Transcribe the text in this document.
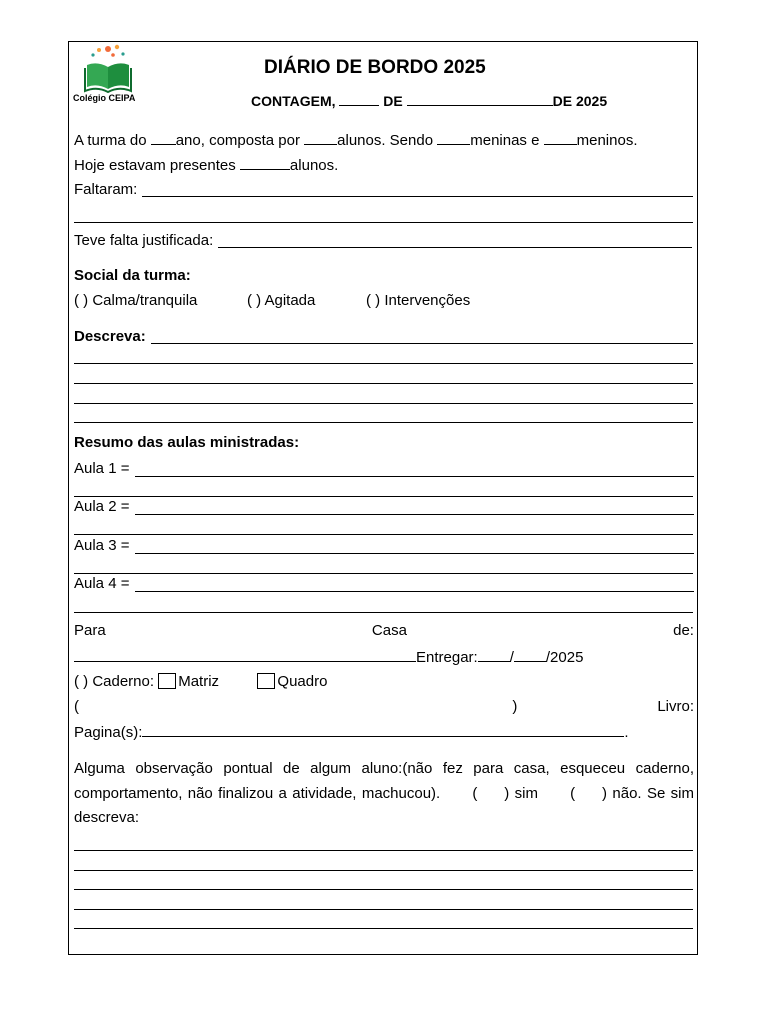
Colégio CEIPA
DIÁRIO DE BORDO 2025
CONTAGEM,	DE	DE 2025
A turma do ano, composta por alunos. Sendo meninas e meninos.
Hoje estavam presentes	alunos.
Faltaram:
Teve falta justificada:
Social da turma:
( ) Calma/tranquila	( ) Agitada	( ) Intervenções
Descreva:
Resumo das aulas ministradas:
Aula 1 =
Aula 2 =
Aula 3 =
Aula 4 =
Para	Casa	de:
Entregar: / /2025
( ) Caderno: Matriz	Quadro
(	)	Livro:
Pagina(s):	.
Alguma observação pontual de algum aluno:(não fez para casa, esqueceu caderno,
comportamento, não finalizou a atividade, machucou).      (     ) sim      (     ) não. Se sim
descreva:
